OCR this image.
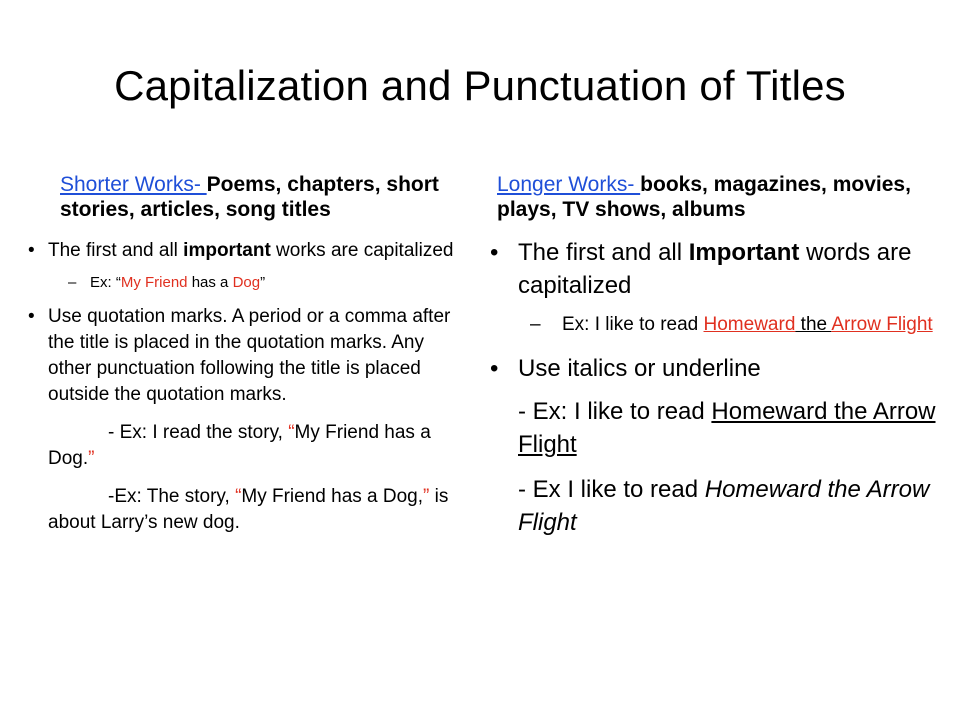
Capitalization and Punctuation of Titles
Shorter Works- Poems, chapters, short stories, articles, song titles
Longer Works- books, magazines, movies, plays, TV shows, albums
• The first and all important works are capitalized
– Ex: “My Friend has a Dog”
• Use quotation marks. A period or a comma after the title is placed in the quotation marks. Any other punctuation following the title is placed outside the quotation marks.
- Ex: I read the story, “My Friend has a Dog.”
-Ex: The story, “My Friend has a Dog,” is about Larry’s new dog.
• The first and all Important words are capitalized
– Ex: I like to read Homeward the Arrow Flight
• Use italics or underline
- Ex: I like to read Homeward the Arrow Flight
- Ex I like to read Homeward the Arrow Flight
